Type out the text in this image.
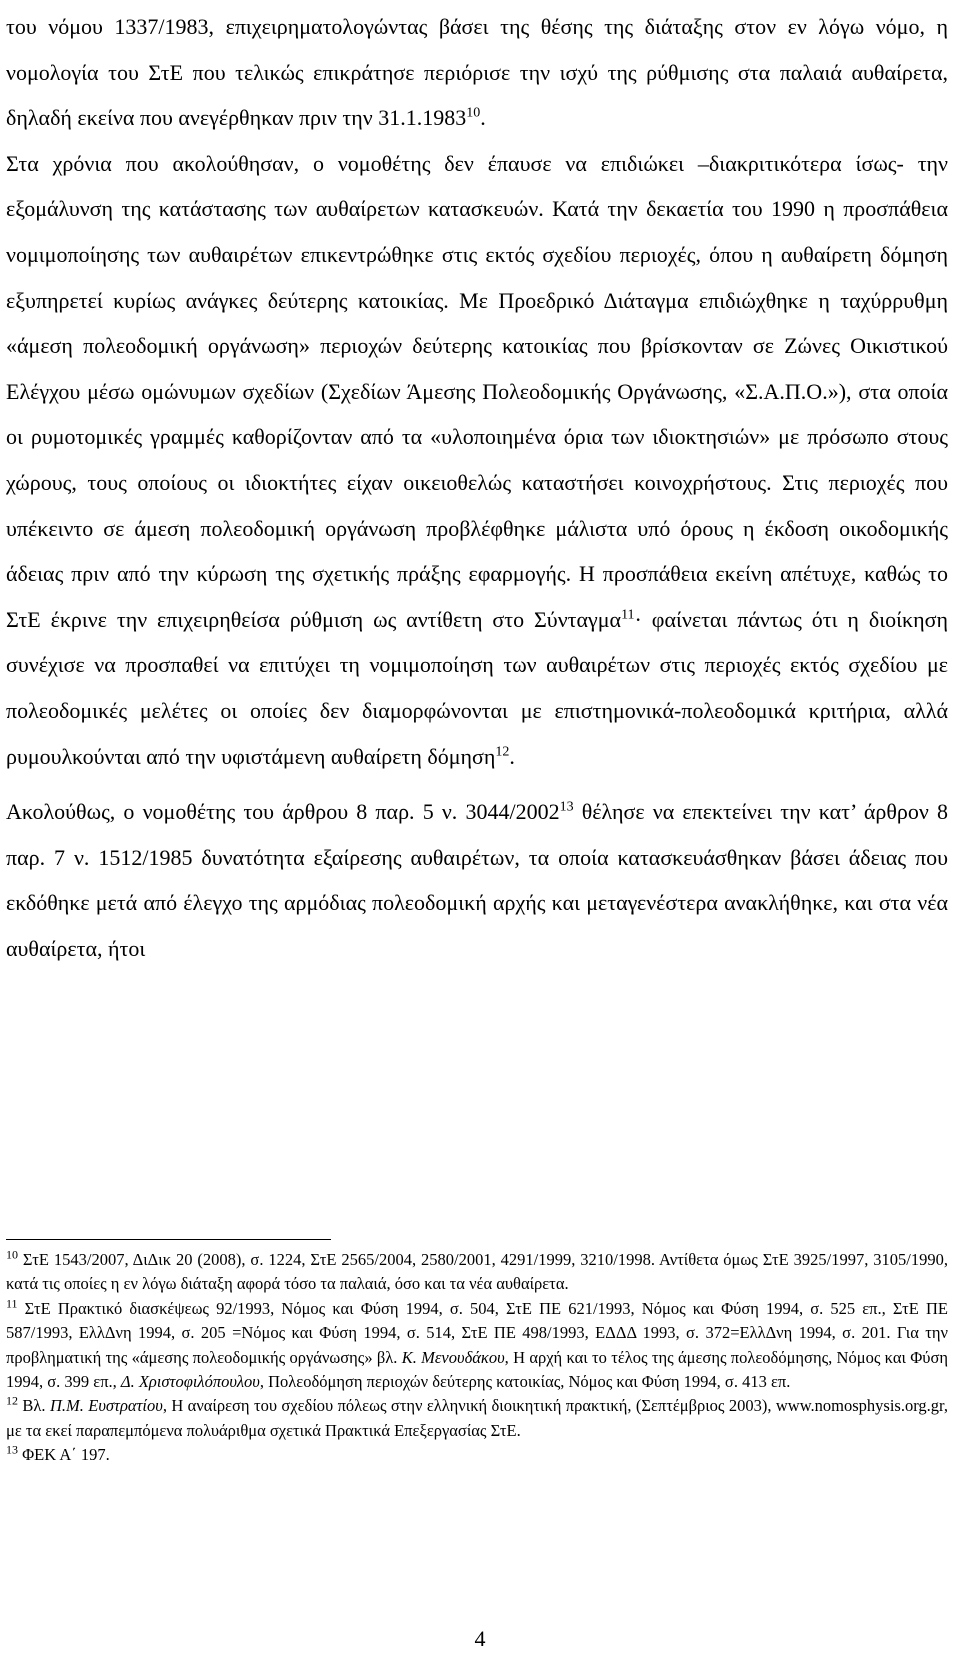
του νόμου 1337/1983, επιχειρηματολογώντας βάσει της θέσης της διάταξης στον εν λόγω νόμο, η νομολογία του ΣτΕ που τελικώς επικράτησε περιόρισε την ισχύ της ρύθμισης στα παλαιά αυθαίρετα, δηλαδή εκείνα που ανεγέρθηκαν πριν την 31.1.1983$^{10}$.

Στα χρόνια που ακολούθησαν, ο νομοθέτης δεν έπαυσε να επιδιώκει –διακριτικότερα ίσως- την εξομάλυνση της κατάστασης των αυθαίρετων κατασκευών. Κατά την δεκαετία του 1990 η προσπάθεια νομιμοποίησης των αυθαιρέτων επικεντρώθηκε στις εκτός σχεδίου περιοχές, όπου η αυθαίρετη δόμηση εξυπηρετεί κυρίως ανάγκες δεύτερης κατοικίας. Με Προεδρικό Διάταγμα επιδιώχθηκε η ταχύρρυθμη «άμεση πολεοδομική οργάνωση» περιοχών δεύτερης κατοικίας που βρίσκονταν σε Ζώνες Οικιστικού Ελέγχου μέσω ομώνυμων σχεδίων (Σχεδίων Άμεσης Πολεοδομικής Οργάνωσης, «Σ.Α.Π.Ο.»), στα οποία οι ρυμοτομικές γραμμές καθορίζονταν από τα «υλοποιημένα όρια των ιδιοκτησιών» με πρόσωπο στους χώρους, τους οποίους οι ιδιοκτήτες είχαν οικειοθελώς καταστήσει κοινοχρήστους. Στις περιοχές που υπέκειντο σε άμεση πολεοδομική οργάνωση προβλέφθηκε μάλιστα υπό όρους η έκδοση οικοδομικής άδειας πριν από την κύρωση της σχετικής πράξης εφαρμογής. Η προσπάθεια εκείνη απέτυχε, καθώς το ΣτΕ έκρινε την επιχειρηθείσα ρύθμιση ως αντίθετη στο Σύνταγμα$^{11}$· φαίνεται πάντως ότι η διοίκηση συνέχισε να προσπαθεί να επιτύχει τη νομιμοποίηση των αυθαιρέτων στις περιοχές εκτός σχεδίου με πολεοδομικές μελέτες οι οποίες δεν διαμορφώνονται με επιστημονικά-πολεοδομικά κριτήρια, αλλά ρυμουλκούνται από την υφιστάμενη αυθαίρετη δόμηση$^{12}$.

Ακολούθως, ο νομοθέτης του άρθρου 8 παρ. 5 ν. 3044/2002$^{13}$ θέλησε να επεκτείνει την κατ’ άρθρον 8 παρ. 7 ν. 1512/1985 δυνατότητα εξαίρεσης αυθαιρέτων, τα οποία κατασκευάσθηκαν βάσει άδειας που εκδόθηκε μετά από έλεγχο της αρμόδιας πολεοδομική αρχής και μεταγενέστερα ανακλήθηκε, και στα νέα αυθαίρετα, ήτοι

$^{10}$ ΣτΕ 1543/2007, ΔιΔικ 20 (2008), σ. 1224, ΣτΕ 2565/2004, 2580/2001, 4291/1999, 3210/1998. Αντίθετα όμως ΣτΕ 3925/1997, 3105/1990, κατά τις οποίες η εν λόγω διάταξη αφορά τόσο τα παλαιά, όσο και τα νέα αυθαίρετα.

$^{11}$ ΣτΕ Πρακτικό διασκέψεως 92/1993, Νόμος και Φύση 1994, σ. 504, ΣτΕ ΠΕ 621/1993, Νόμος και Φύση 1994, σ. 525 επ., ΣτΕ ΠΕ 587/1993, ΕλλΔνη 1994, σ. 205 =Νόμος και Φύση 1994, σ. 514, ΣτΕ ΠΕ 498/1993, ΕΔΔΔ 1993, σ. 372=ΕλλΔνη 1994, σ. 201. Για την προβληματική της «άμεσης πολεοδομικής οργάνωσης» βλ. Κ. Μενουδάκου, Η αρχή και το τέλος της άμεσης πολεοδόμησης, Νόμος και Φύση 1994, σ. 399 επ., Δ. Χριστοφιλόπουλου, Πολεοδόμηση περιοχών δεύτερης κατοικίας, Νόμος και Φύση 1994, σ. 413 επ.

$^{12}$ Βλ. Π.Μ. Ευστρατίου, Η αναίρεση του σχεδίου πόλεως στην ελληνική διοικητική πρακτική, (Σεπτέμβριος 2003), www.nomosphysis.org.gr, με τα εκεί παραπεμπόμενα πολυάριθμα σχετικά Πρακτικά Επεξεργασίας ΣτΕ.

$^{13}$ ΦΕΚ Α΄ 197.

4
